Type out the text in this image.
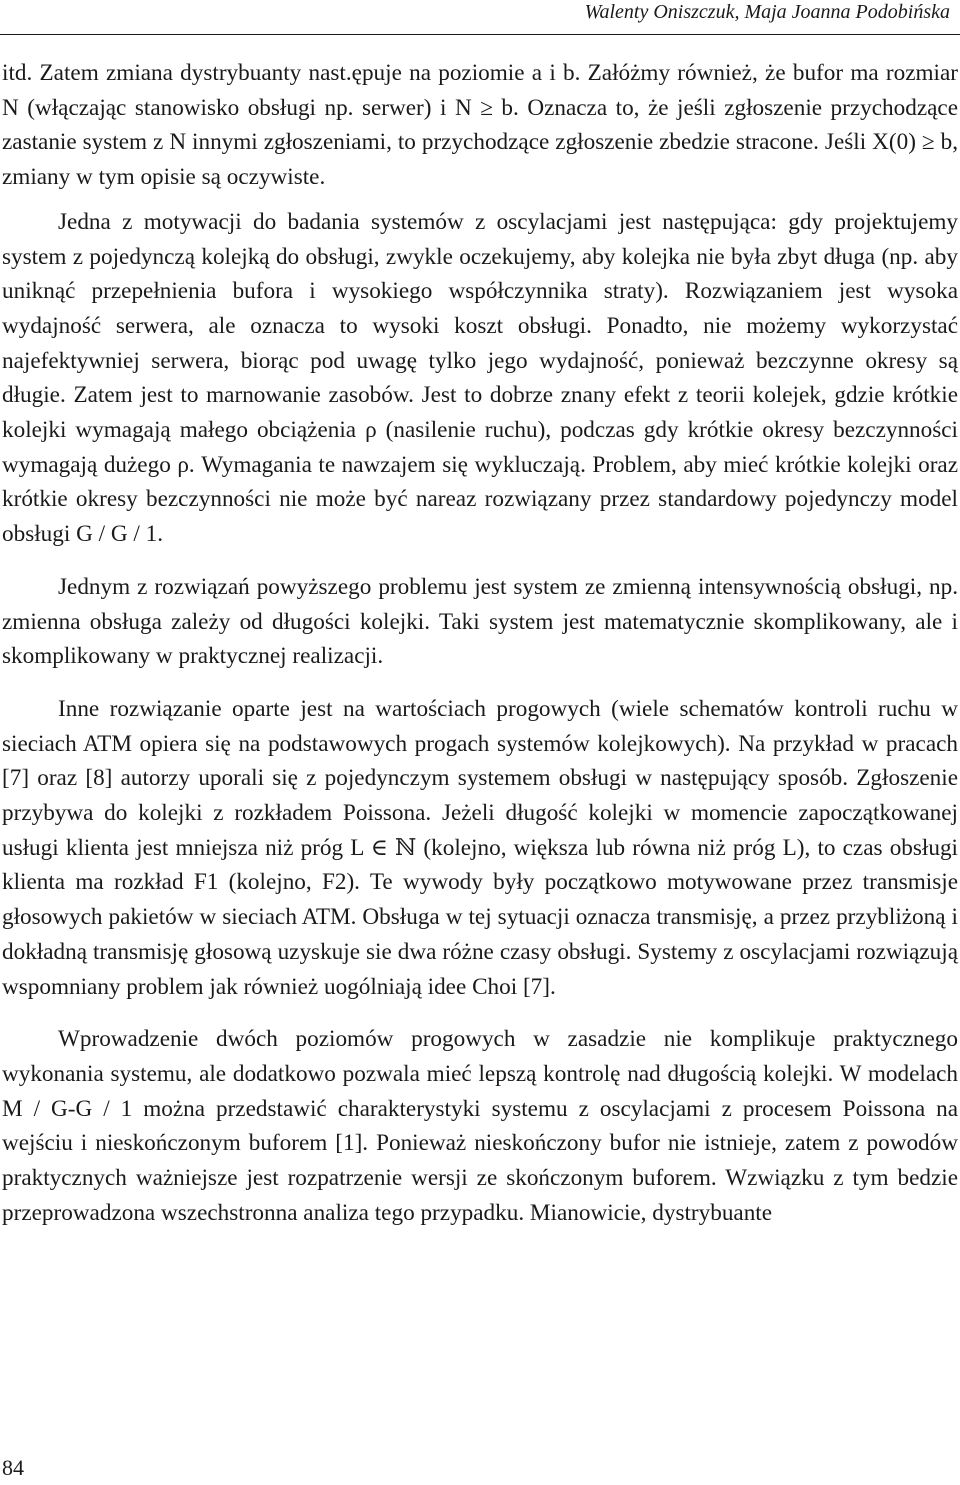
Walenty Oniszczuk, Maja Joanna Podobińska

itd. Zatem zmiana dystrybuanty nast.ępuje na poziomie a i b. Załóżmy również, że bufor ma rozmiar N (włączając stanowisko obsługi np. serwer) i N ≥ b. Oznacza to, że jeśli zgłoszenie przychodzące zastanie system z N innymi zgłoszeniami, to przychodzące zgłoszenie zbedzie stracone. Jeśli X(0) ≥ b, zmiany w tym opisie są oczywiste.

Jedna z motywacji do badania systemów z oscylacjami jest następująca: gdy projektujemy system z pojedynczą kolejką do obsługi, zwykle oczekujemy, aby kolejka nie była zbyt długa (np. aby uniknąć przepełnienia bufora i wysokiego współczynnika straty). Rozwiązaniem jest wysoka wydajność serwera, ale oznacza to wysoki koszt obsługi. Ponadto, nie możemy wykorzystać najefektywniej serwera, biorąc pod uwagę tylko jego wydajność, ponieważ bezczynne okresy są długie. Zatem jest to marnowanie zasobów. Jest to dobrze znany efekt z teorii kolejek, gdzie krótkie kolejki wymagają małego obciążenia ρ (nasilenie ruchu), podczas gdy krótkie okresy bezczynności wymagają dużego ρ. Wymagania te nawzajem się wykluczają. Problem, aby mieć krótkie kolejki oraz krótkie okresy bezczynności nie może być nareaz rozwiązany przez standardowy pojedynczy model obsługi G / G / 1.

Jednym z rozwiązań powyższego problemu jest system ze zmienną intensywnością obsługi, np. zmienna obsługa zależy od długości kolejki. Taki system jest matematycznie skomplikowany, ale i skomplikowany w praktycznej realizacji.

Inne rozwiązanie oparte jest na wartościach progowych (wiele schematów kontroli ruchu w sieciach ATM opiera się na podstawowych progach systemów kolejkowych). Na przykład w pracach [7] oraz [8] autorzy uporali się z pojedynczym systemem obsługi w następujący sposób. Zgłoszenie przybywa do kolejki z rozkładem Poissona. Jeżeli długość kolejki w momencie zapoczątkowanej usługi klienta jest mniejsza niż próg L ∈ ℕ (kolejno, większa lub równa niż próg L), to czas obsługi klienta ma rozkład F1 (kolejno, F2). Te wywody były początkowo motywowane przez transmisje głosowych pakietów w sieciach ATM. Obsługa w tej sytuacji oznacza transmisję, a przez przybliżoną i dokładną transmisję głosową uzyskuje sie dwa różne czasy obsługi. Systemy z oscylacjami rozwiązują wspomniany problem jak również uogólniają idee Choi [7].

Wprowadzenie dwóch poziomów progowych w zasadzie nie komplikuje praktycznego wykonania systemu, ale dodatkowo pozwala mieć lepszą kontrolę nad długością kolejki. W modelach M / G-G / 1 można przedstawić charakterystyki systemu z oscylacjami z procesem Poissona na wejściu i nieskończonym buforem [1]. Ponieważ nieskończony bufor nie istnieje, zatem z powodów praktycznych ważniejsze jest rozpatrzenie wersji ze skończonym buforem. Wzwiązku z tym bedzie przeprowadzona wszechstronna analiza tego przypadku. Mianowicie, dystrybuante

84
